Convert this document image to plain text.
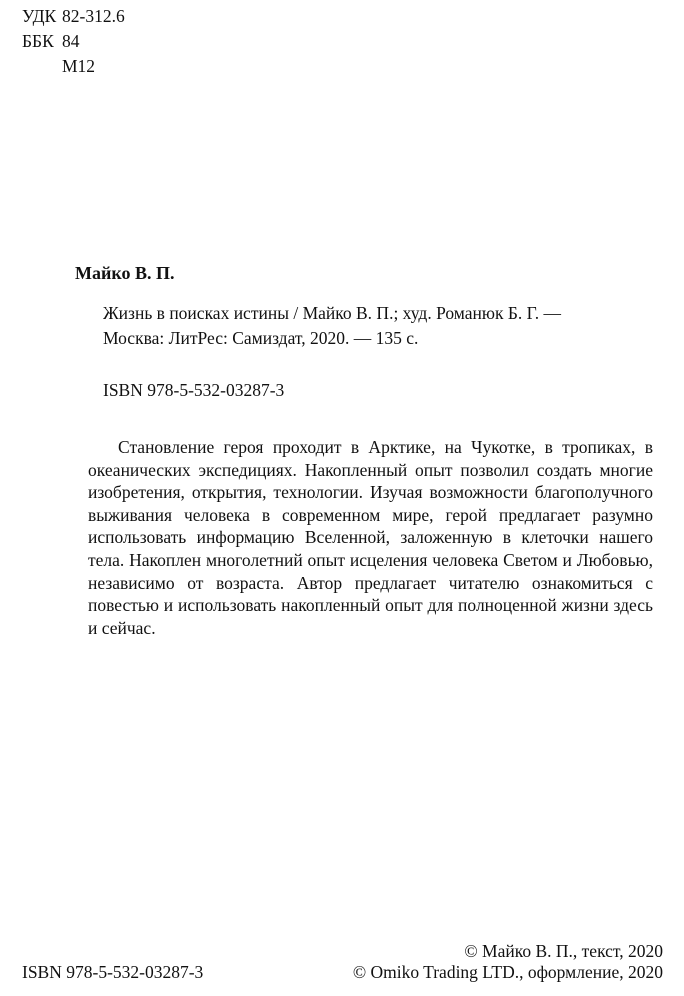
УДК 82-312.6
ББК 84
М12
Майко В. П.
Жизнь в поисках истины / Майко В. П.; худ. Романюк Б. Г. —
Москва: ЛитРес: Самиздат, 2020. — 135 с.
ISBN 978-5-532-03287-3

Становление героя проходит в Арктике, на Чукотке, в тропиках, в океанических экспедициях. Накопленный опыт позволил создать многие изобретения, открытия, технологии. Изучая возможности благополучного выживания человека в современном мире, герой предлагает разумно использовать информацию Вселенной, заложенную в клеточки нашего тела. Накоплен многолетний опыт исцеления человека Светом и Любовью, независимо от возраста. Автор предлагает читателю ознакомиться с повестью и использовать накопленный опыт для полноценной жизни здесь и сейчас.

ISBN 978-5-532-03287-3
© Майко В. П., текст, 2020
© Omiko Trading LTD., оформление, 2020
